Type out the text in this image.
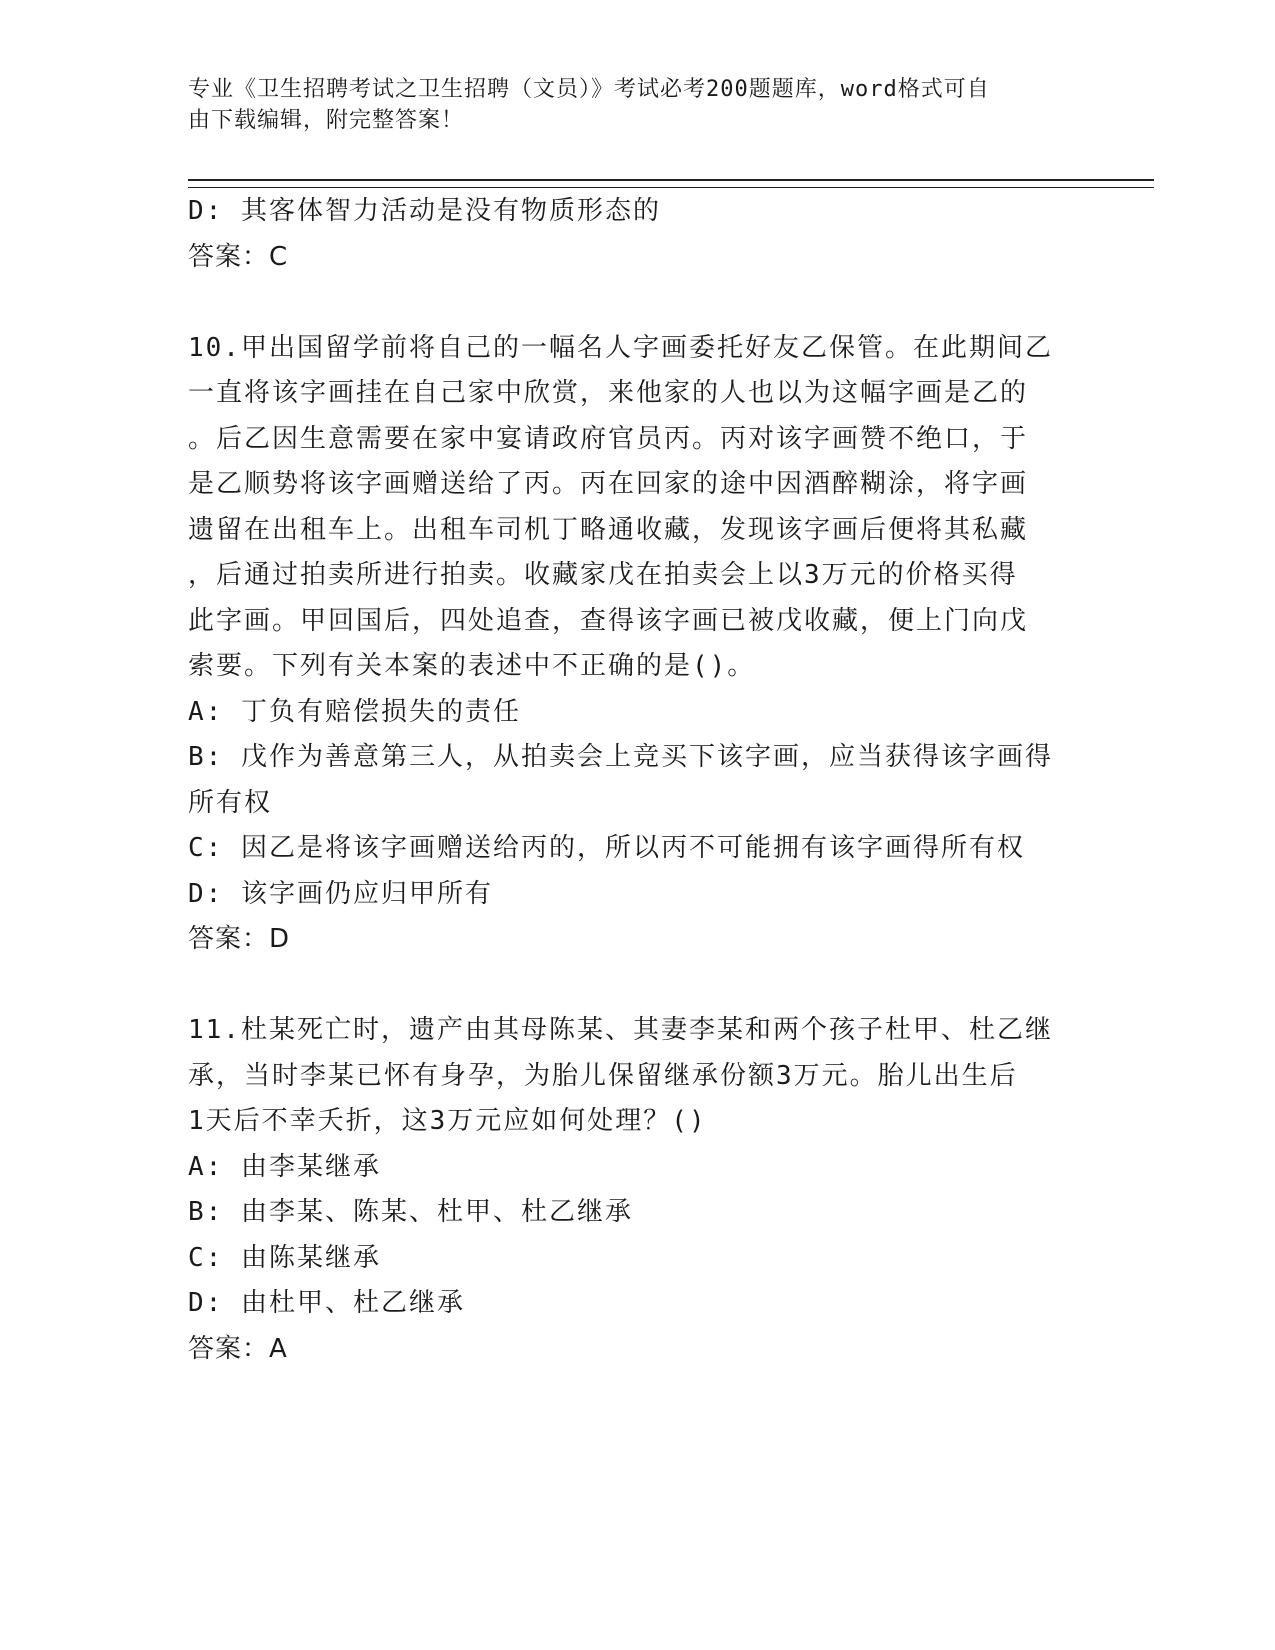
专业《卫生招聘考试之卫生招聘（文员）》考试必考200题题库，word格式可自
由下载编辑，附完整答案！
D: 其客体智力活动是没有物质形态的
答案：C
10.甲出国留学前将自己的一幅名人字画委托好友乙保管。在此期间乙
一直将该字画挂在自己家中欣赏，来他家的人也以为这幅字画是乙的
。后乙因生意需要在家中宴请政府官员丙。丙对该字画赞不绝口，于
是乙顺势将该字画赠送给了丙。丙在回家的途中因酒醉糊涂，将字画
遗留在出租车上。出租车司机丁略通收藏，发现该字画后便将其私藏
，后通过拍卖所进行拍卖。收藏家戊在拍卖会上以3万元的价格买得
此字画。甲回国后，四处追查，查得该字画已被戊收藏，便上门向戊
索要。下列有关本案的表述中不正确的是()。
A: 丁负有赔偿损失的责任
B: 戊作为善意第三人，从拍卖会上竞买下该字画，应当获得该字画得
所有权
C: 因乙是将该字画赠送给丙的，所以丙不可能拥有该字画得所有权
D: 该字画仍应归甲所有
答案：D
11.杜某死亡时，遗产由其母陈某、其妻李某和两个孩子杜甲、杜乙继
承，当时李某已怀有身孕，为胎儿保留继承份额3万元。胎儿出生后
1天后不幸夭折，这3万元应如何处理？()
A: 由李某继承
B: 由李某、陈某、杜甲、杜乙继承
C: 由陈某继承
D: 由杜甲、杜乙继承
答案：A
